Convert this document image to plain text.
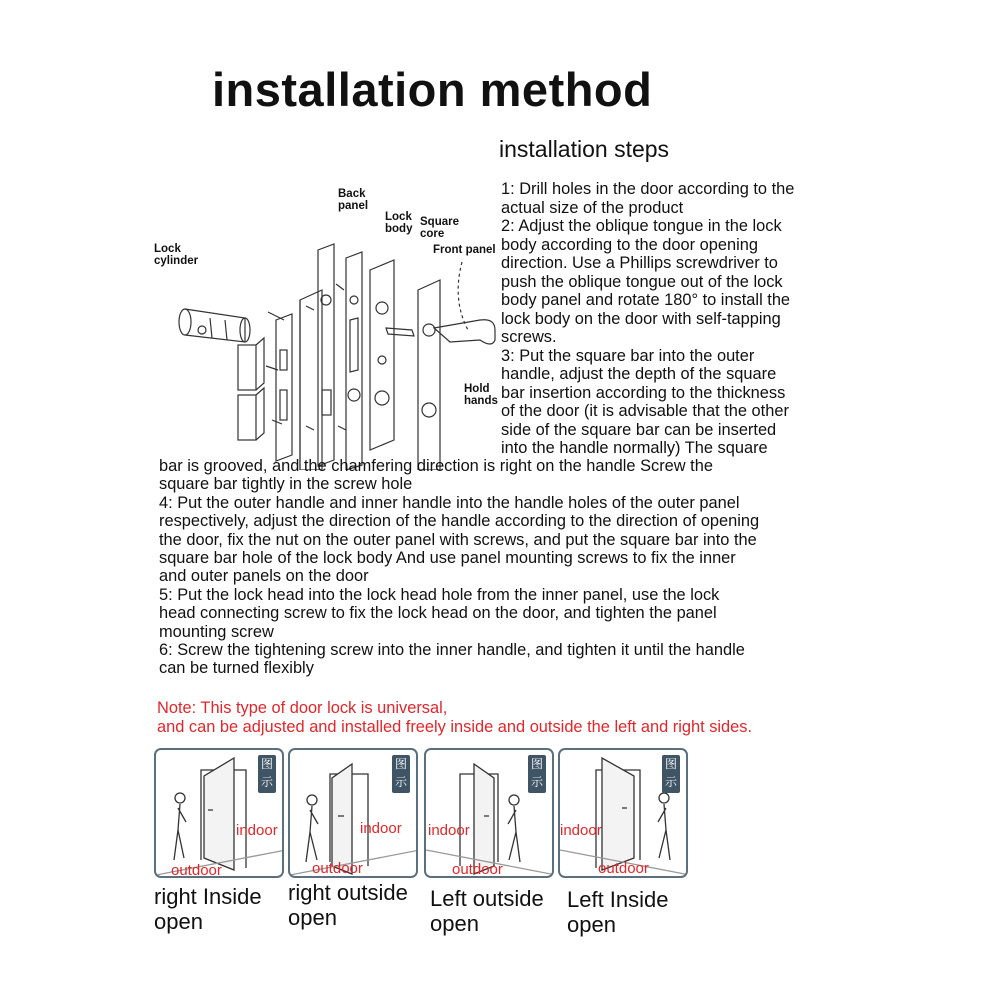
installation method
installation steps
1: Drill holes in the door according to the
actual size of the product
2: Adjust the oblique tongue in the lock
body according to the door opening
direction. Use a Phillips screwdriver to
push the oblique tongue out of the lock
body panel and rotate 180° to install the
lock body on the door with self-tapping
screws.
3: Put the square bar into the outer
handle, adjust the depth of the square
bar insertion according to the thickness
of the door (it is advisable that the other
side of the square bar can be inserted
into the handle normally) The square
Back
panel
Lock
body
Square
core
Front panel
Lock
cylinder
Hold
hands
bar is grooved, and the chamfering direction is right on the handle Screw the
square bar tightly in the screw hole
4: Put the outer handle and inner handle into the handle holes of the outer panel
respectively, adjust the direction of the handle according to the direction of opening
the door, fix the nut on the outer panel with screws, and put the square bar into the
square bar hole of the lock body And use panel mounting screws to fix the inner
and outer panels on the door
5: Put the lock head into the lock head hole from the inner panel, use the lock
head connecting screw to fix the lock head on the door, and tighten the panel
mounting screw
6: Screw the tightening screw into the inner handle, and tighten it until the handle
can be turned flexibly
Note: This type of door lock is universal,
and can be adjusted and installed freely inside and outside the left and right sides.
图
示
indoor
outdoor
图
示
indoor
outdoor
图
示
indoor
outdoor
图
示
indoor
outdoor
right Inside
open
right outside
open
Left outside
open
Left Inside
open
